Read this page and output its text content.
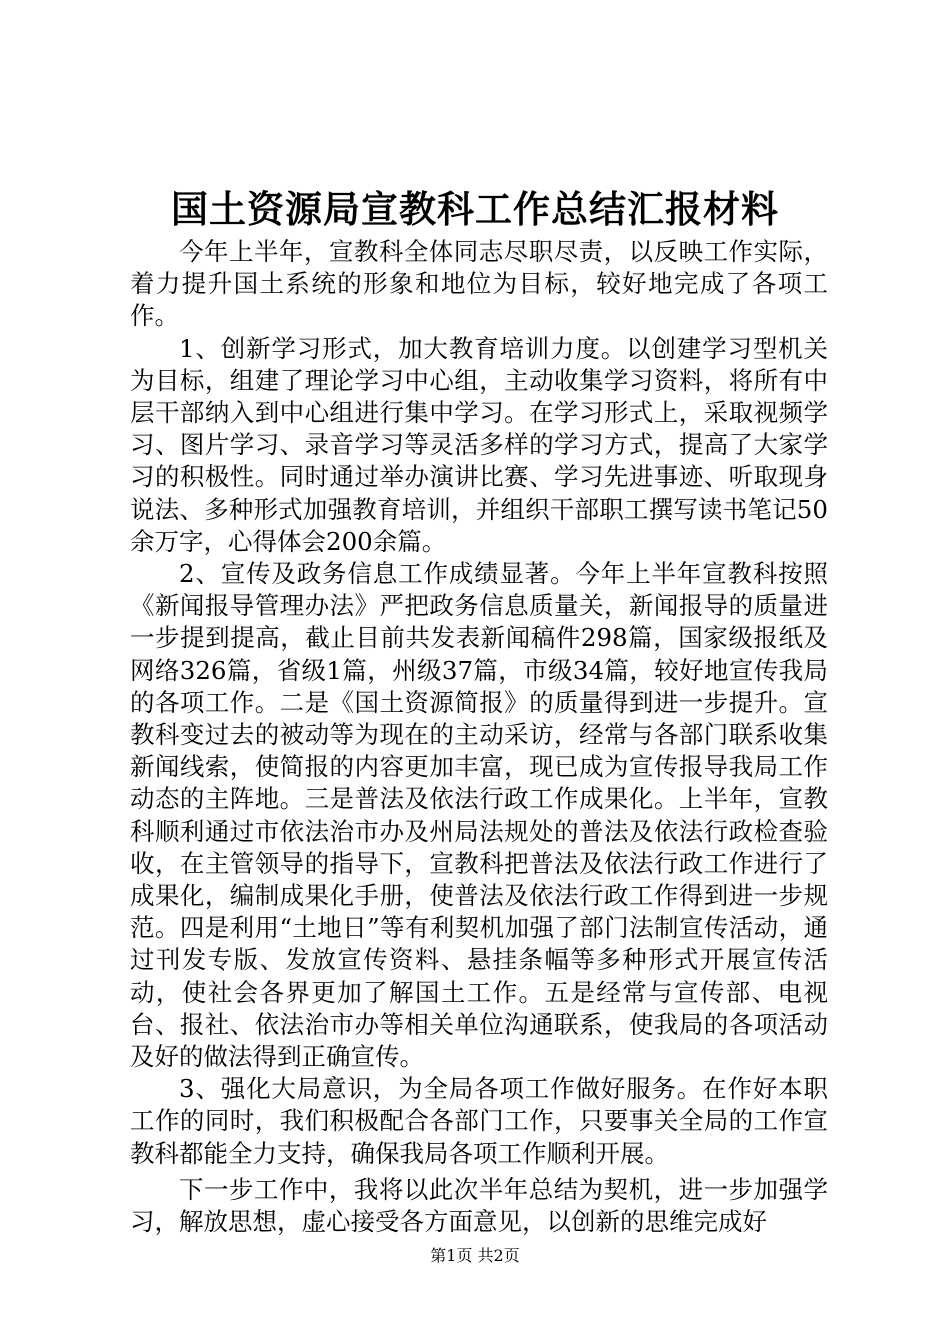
国土资源局宣教科工作总结汇报材料

今年上半年，宣教科全体同志尽职尽责，以反映工作实际，着力提升国土系统的形象和地位为目标，较好地完成了各项工作。

1、创新学习形式，加大教育培训力度。以创建学习型机关为目标，组建了理论学习中心组，主动收集学习资料，将所有中层干部纳入到中心组进行集中学习。在学习形式上，采取视频学习、图片学习、录音学习等灵活多样的学习方式，提高了大家学习的积极性。同时通过举办演讲比赛、学习先进事迹、听取现身说法、多种形式加强教育培训，并组织干部职工撰写读书笔记50余万字，心得体会200余篇。

2、宣传及政务信息工作成绩显著。今年上半年宣教科按照《新闻报导管理办法》严把政务信息质量关，新闻报导的质量进一步提到提高，截止目前共发表新闻稿件298篇，国家级报纸及网络326篇，省级1篇，州级37篇，市级34篇，较好地宣传我局的各项工作。二是《国土资源简报》的质量得到进一步提升。宣教科变过去的被动等为现在的主动采访，经常与各部门联系收集新闻线索，使简报的内容更加丰富，现已成为宣传报导我局工作动态的主阵地。三是普法及依法行政工作成果化。上半年，宣教科顺利通过市依法治市办及州局法规处的普法及依法行政检查验收，在主管领导的指导下，宣教科把普法及依法行政工作进行了成果化，编制成果化手册，使普法及依法行政工作得到进一步规范。四是利用“土地日”等有利契机加强了部门法制宣传活动，通过刊发专版、发放宣传资料、悬挂条幅等多种形式开展宣传活动，使社会各界更加了解国土工作。五是经常与宣传部、电视台、报社、依法治市办等相关单位沟通联系，使我局的各项活动及好的做法得到正确宣传。

3、强化大局意识，为全局各项工作做好服务。在作好本职工作的同时，我们积极配合各部门工作，只要事关全局的工作宣教科都能全力支持，确保我局各项工作顺利开展。

下一步工作中，我将以此次半年总结为契机，进一步加强学习，解放思想，虚心接受各方面意见，以创新的思维完成好

第1页 共2页
